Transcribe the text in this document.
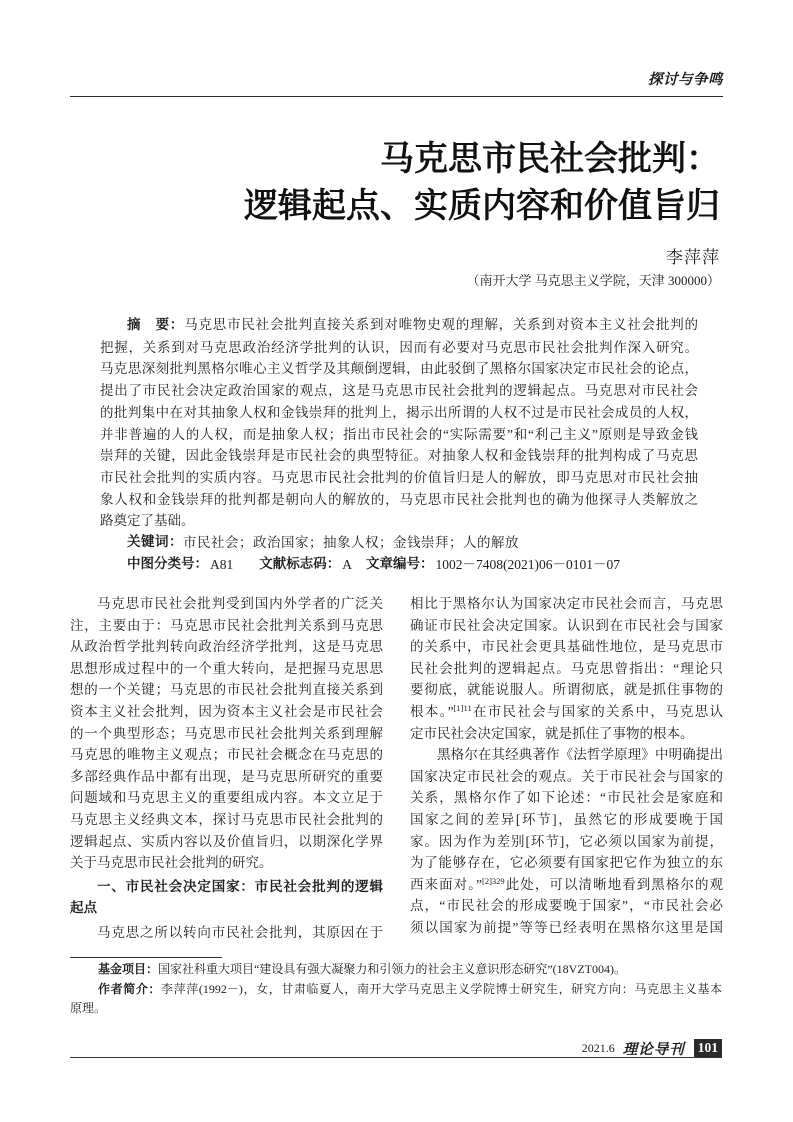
探讨与争鸣
马克思市民社会批判：
逻辑起点、实质内容和价值旨归
李萍萍
（南开大学 马克思主义学院，天津 300000）
摘　要：马克思市民社会批判直接关系到对唯物史观的理解，关系到对资本主义社会批判的
把握，关系到对马克思政治经济学批判的认识，因而有必要对马克思市民社会批判作深入研究。
马克思深刻批判黑格尔唯心主义哲学及其颠倒逻辑，由此驳倒了黑格尔国家决定市民社会的论点，
提出了市民社会决定政治国家的观点，这是马克思市民社会批判的逻辑起点。马克思对市民社会
的批判集中在对其抽象人权和金钱崇拜的批判上，揭示出所谓的人权不过是市民社会成员的人权，
并非普遍的人的人权，而是抽象人权；指出市民社会的“实际需要”和“利己主义”原则是导致金钱
崇拜的关键，因此金钱崇拜是市民社会的典型特征。对抽象人权和金钱崇拜的批判构成了马克思
市民社会批判的实质内容。马克思市民社会批判的价值旨归是人的解放，即马克思对市民社会抽
象人权和金钱崇拜的批判都是朝向人的解放的，马克思市民社会批判也的确为他探寻人类解放之
路奠定了基础。
关键词： 市民社会；政治国家；抽象人权；金钱崇拜；人的解放
中图分类号： A81 文献标志码： A 文章编号： 1002－7408(2021)06－0101－07
马克思市民社会批判受到国内外学者的广泛关
注，主要由于：马克思市民社会批判关系到马克思
从政治哲学批判转向政治经济学批判，这是马克思
思想形成过程中的一个重大转向，是把握马克思思
想的一个关键；马克思的市民社会批判直接关系到
资本主义社会批判，因为资本主义社会是市民社会
的一个典型形态；马克思市民社会批判关系到理解
马克思的唯物主义观点；市民社会概念在马克思的
多部经典作品中都有出现，是马克思所研究的重要
问题域和马克思主义的重要组成内容。本文立足于
马克思主义经典文本，探讨马克思市民社会批判的
逻辑起点、实质内容以及价值旨归，以期深化学界
关于马克思市民社会批判的研究。
一、市民社会决定国家：市民社会批判的逻辑
起点
马克思之所以转向市民社会批判，其原因在于
相比于黑格尔认为国家决定市民社会而言，马克思
确证市民社会决定国家。认识到在市民社会与国家
的关系中，市民社会更具基础性地位，是马克思市
民社会批判的逻辑起点。马克思曾指出：“理论只
要彻底，就能说服人。所谓彻底，就是抓住事物的
根本。”$^{[1]11}$在市民社会与国家的关系中，马克思认
定市民社会决定国家，就是抓住了事物的根本。
黑格尔在其经典著作《法哲学原理》中明确提出
国家决定市民社会的观点。关于市民社会与国家的
关系，黑格尔作了如下论述：“市民社会是家庭和
国家之间的差异[环节]，虽然它的形成要晚于国
家。因为作为差别[环节]，它必须以国家为前提，
为了能够存在，它必须要有国家把它作为独立的东
西来面对。”$^{[2]329}$此处，可以清晰地看到黑格尔的观
点，“市民社会的形成要晚于国家”，“市民社会必
须以国家为前提”等等已经表明在黑格尔这里是国
基金项目： 国家社科重大项目“建设具有强大凝聚力和引领力的社会主义意识形态研究”(18VZT004)。
作者简介：李萍萍(1992－)，女，甘肃临夏人，南开大学马克思主义学院博士研究生，研究方向：马克思主义基本
原理。
2021.6 理论导刊 101
